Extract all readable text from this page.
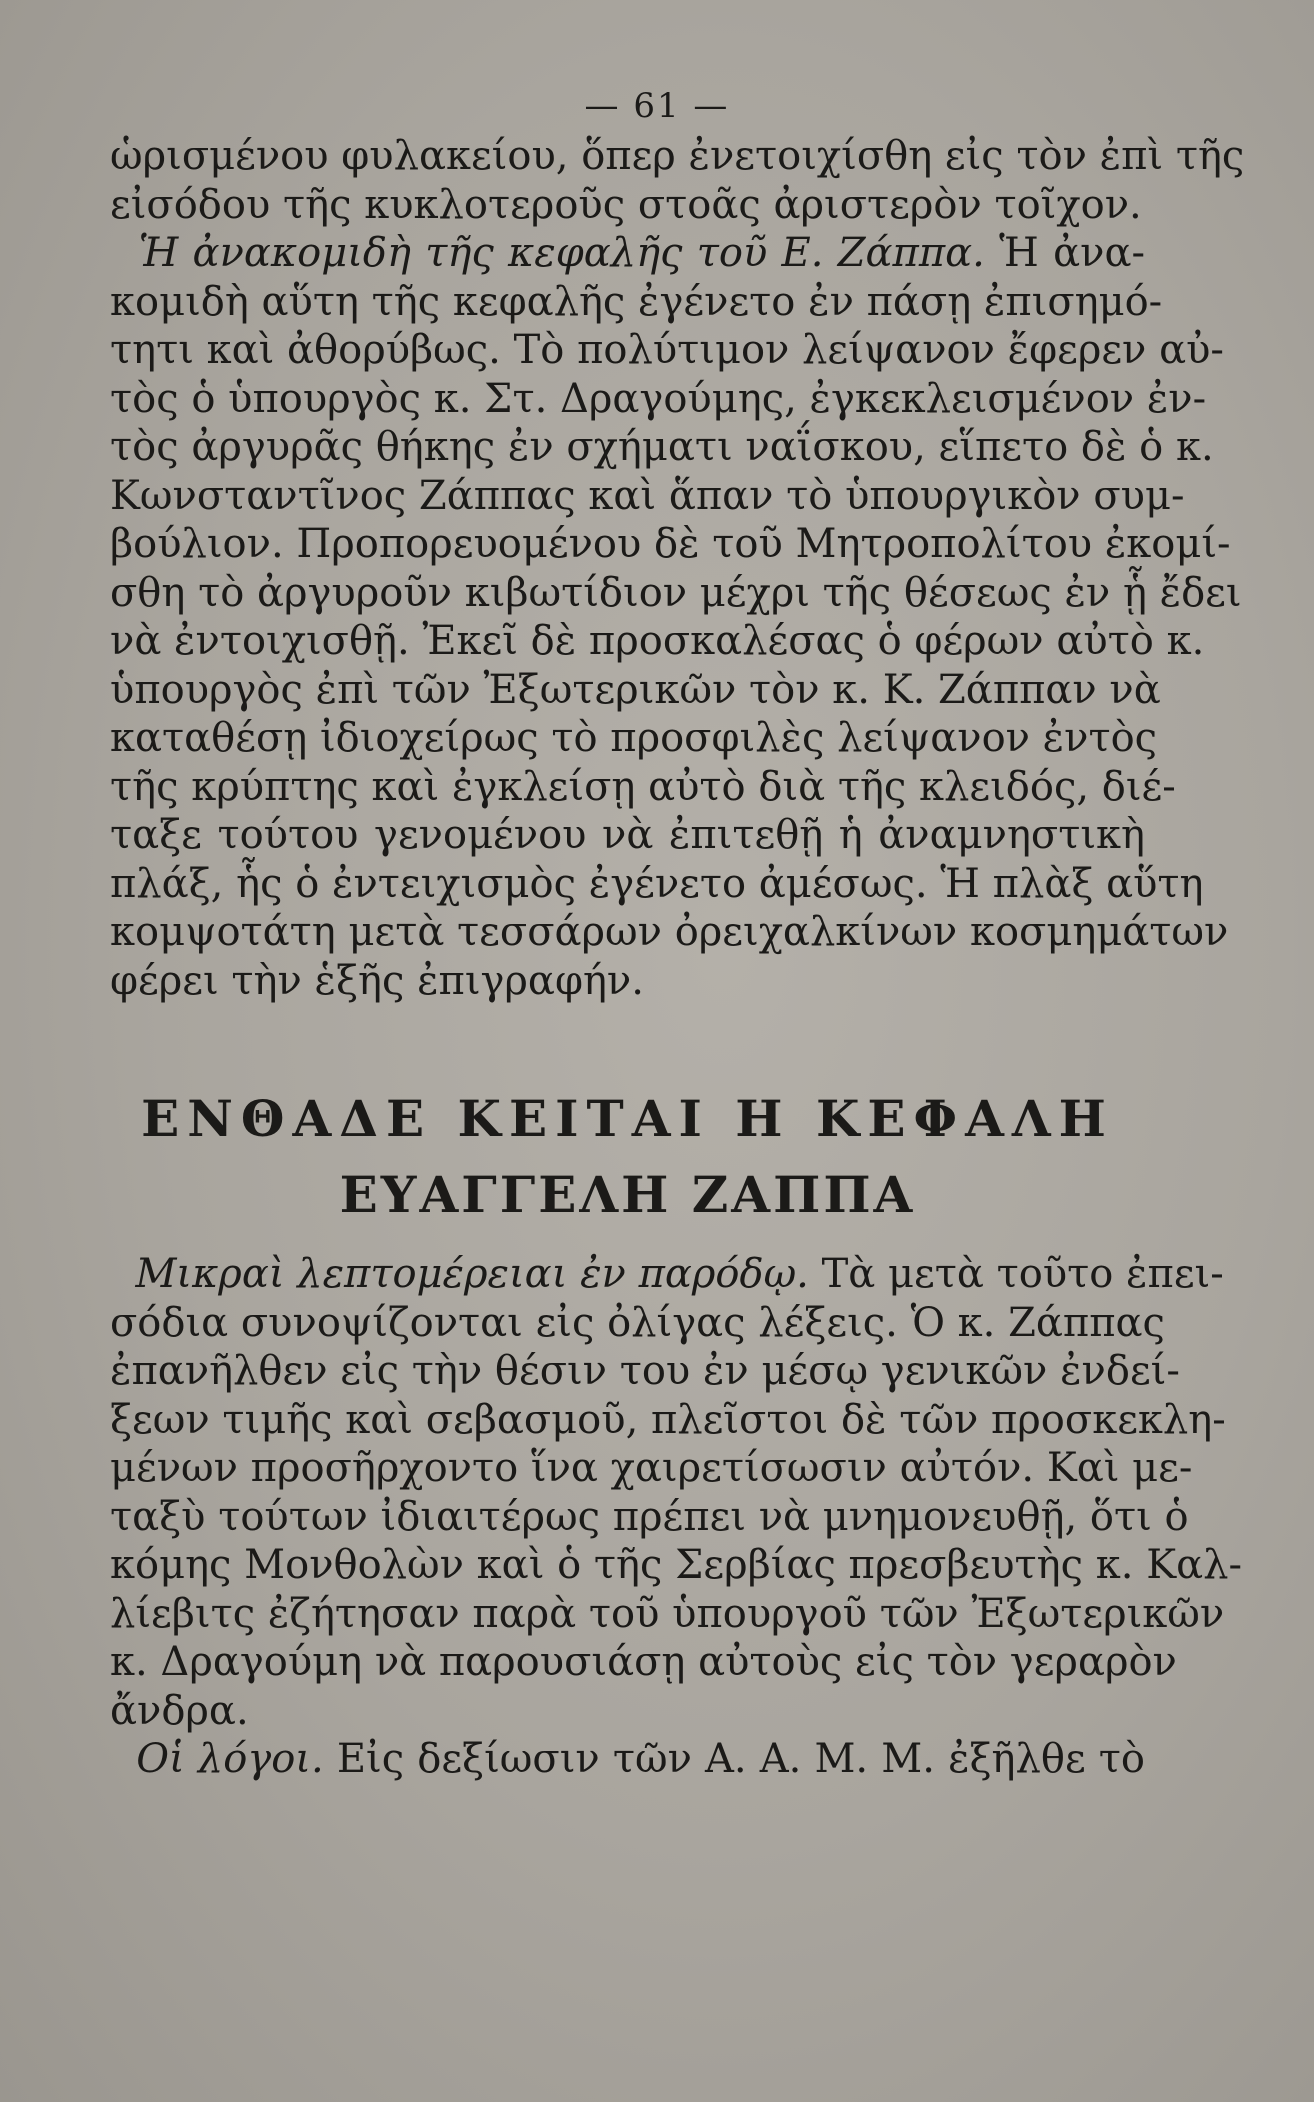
— 61 —
ὡρισμένου φυλακείου, ὅπερ ἐνετοιχίσθη εἰς τὸν ἐπὶ τῆς
εἰσόδου τῆς κυκλοτεροῦς στοᾶς ἀριστερὸν τοῖχον.
Ἡ ἀνακομιδὴ τῆς κεφαλῆς τοῦ Ε. Ζάππα. Ἡ ἀνα-
κομιδὴ αὕτη τῆς κεφαλῆς ἐγένετο ἐν πάσῃ ἐπισημό-
τητι καὶ ἀθορύβως. Τὸ πολύτιμον λείψανον ἔφερεν αὐ-
τὸς ὁ ὑπουργὸς κ. Στ. Δραγούμης, ἐγκεκλεισμένον ἐν-
τὸς ἀργυρᾶς θήκης ἐν σχήματι ναΐσκου, εἵπετο δὲ ὁ κ.
Κωνσταντῖνος Ζάππας καὶ ἅπαν τὸ ὑπουργικὸν συμ-
βούλιον. Προπορευομένου δὲ τοῦ Μητροπολίτου ἐκομί-
σθη τὸ ἀργυροῦν κιβωτίδιον μέχρι τῆς θέσεως ἐν ᾗ ἔδει
νὰ ἐντοιχισθῇ. Ἐκεῖ δὲ προσκαλέσας ὁ φέρων αὐτὸ κ.
ὑπουργὸς ἐπὶ τῶν Ἐξωτερικῶν τὸν κ. Κ. Ζάππαν νὰ
καταθέσῃ ἰδιοχείρως τὸ προσφιλὲς λείψανον ἐντὸς
τῆς κρύπτης καὶ ἐγκλείσῃ αὐτὸ διὰ τῆς κλειδός, διέ-
ταξε τούτου γενομένου νὰ ἐπιτεθῇ ἡ ἀναμνηστικὴ
πλάξ, ἧς ὁ ἐντειχισμὸς ἐγένετο ἀμέσως. Ἡ πλὰξ αὕτη
κομψοτάτη μετὰ τεσσάρων ὀρειχαλκίνων κοσμημάτων
φέρει τὴν ἑξῆς ἐπιγραφήν.
ΕΝΘΑΔΕ ΚΕΙΤΑΙ Η ΚΕΦΑΛΗ
ΕΥΑΓΓΕΛΗ ΖΑΠΠΑ
Μικραὶ λεπτομέρειαι ἐν παρόδῳ. Τὰ μετὰ τοῦτο ἐπει-
σόδια συνοψίζονται εἰς ὀλίγας λέξεις. Ὁ κ. Ζάππας
ἐπανῆλθεν εἰς τὴν θέσιν του ἐν μέσῳ γενικῶν ἐνδεί-
ξεων τιμῆς καὶ σεβασμοῦ, πλεῖστοι δὲ τῶν προσκεκλη-
μένων προσῆρχοντο ἵνα χαιρετίσωσιν αὐτόν. Καὶ με-
ταξὺ τούτων ἰδιαιτέρως πρέπει νὰ μνημονευθῇ, ὅτι ὁ
κόμης Μονθολὼν καὶ ὁ τῆς Σερβίας πρεσβευτὴς κ. Καλ-
λίεβιτς ἐζήτησαν παρὰ τοῦ ὑπουργοῦ τῶν Ἐξωτερικῶν
κ. Δραγούμη νὰ παρουσιάσῃ αὐτοὺς εἰς τὸν γεραρὸν
ἄνδρα.
Οἱ λόγοι. Εἰς δεξίωσιν τῶν Α. Α. Μ. Μ. ἐξῆλθε τὸ
